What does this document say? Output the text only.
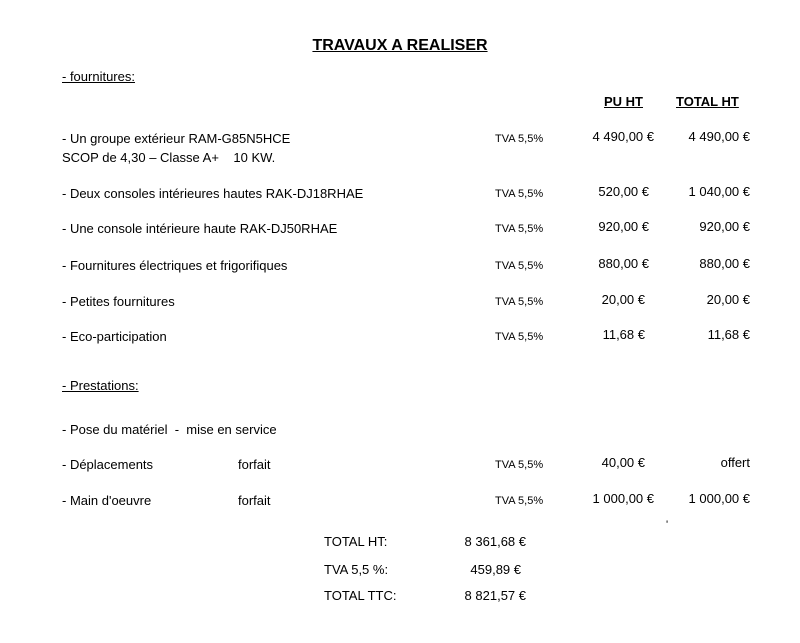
TRAVAUX A REALISER
- fournitures:
PU HT	TOTAL HT
- Un groupe extérieur RAM-G85N5HCE
SCOP de 4,30 – Classe A+    10 KW.
TVA 5,5%	4 490,00 €	4 490,00 €
- Deux consoles intérieures hautes RAK-DJ18RHAE	TVA 5,5%	520,00 €	1 040,00 €
- Une console intérieure haute RAK-DJ50RHAE	TVA 5,5%	920,00 €	920,00 €
- Fournitures électriques et frigorifiques	TVA 5,5%	880,00 €	880,00 €
- Petites fournitures	TVA 5,5%	20,00 €	20,00 €
- Eco-participation	TVA 5,5%	11,68 €	11,68 €
- Prestations:
- Pose du matériel  -  mise en service
- Déplacements	forfait	TVA 5,5%	40,00 €	offert
- Main d'oeuvre	forfait	TVA 5,5%	1 000,00 €	1 000,00 €
'
TOTAL HT:	8 361,68 €
TVA 5,5 %:	459,89 €
TOTAL TTC:	8 821,57 €
